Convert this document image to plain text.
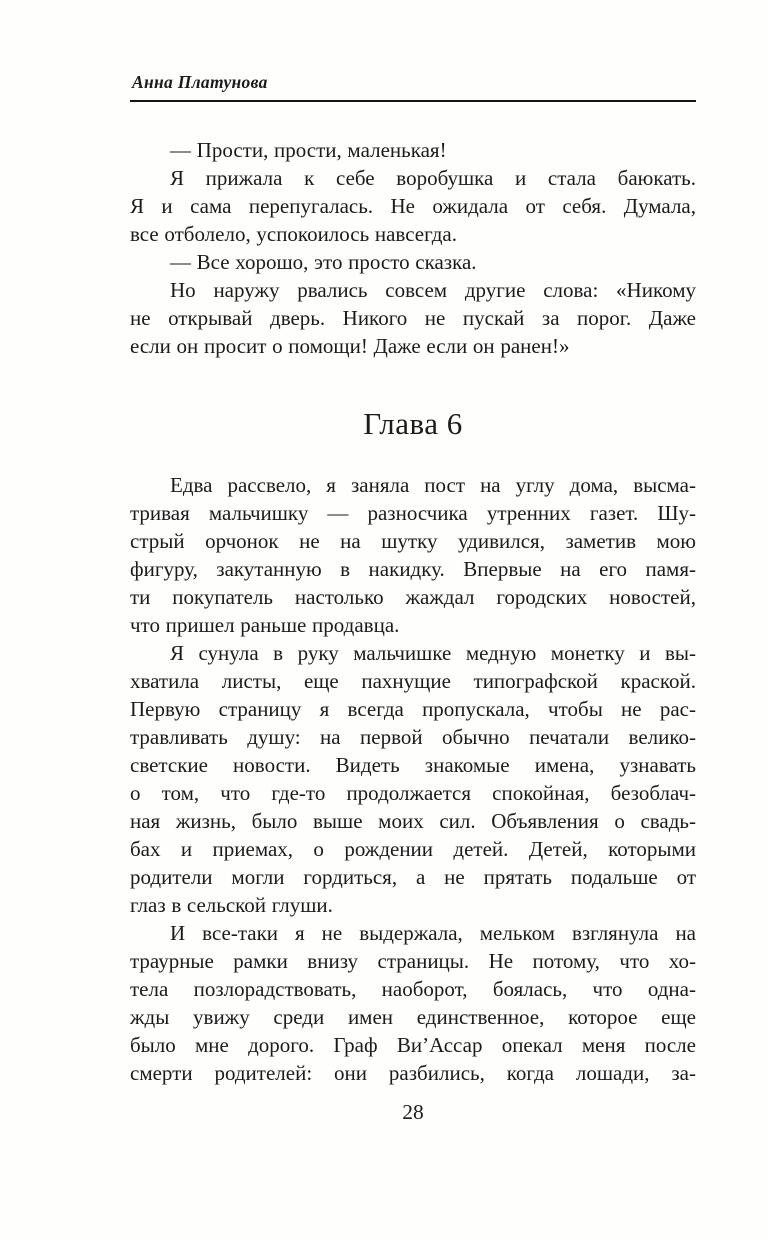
Анна Платунова
— Прости, прости, маленькая!
Я прижала к себе воробушка и стала баюкать.
Я и сама перепугалась. Не ожидала от себя. Думала,
все отболело, успокоилось навсегда.
— Все хорошо, это просто сказка.
Но наружу рвались совсем другие слова: «Никому
не открывай дверь. Никого не пускай за порог. Даже
если он просит о помощи! Даже если он ранен!»
Глава 6
Едва рассвело, я заняла пост на углу дома, высма-
тривая мальчишку — разносчика утренних газет. Шу-
стрый орчонок не на шутку удивился, заметив мою
фигуру, закутанную в накидку. Впервые на его памя-
ти покупатель настолько жаждал городских новостей,
что пришел раньше продавца.
Я сунула в руку мальчишке медную монетку и вы-
хватила листы, еще пахнущие типографской краской.
Первую страницу я всегда пропускала, чтобы не рас-
травливать душу: на первой обычно печатали велико-
светские новости. Видеть знакомые имена, узнавать
о том, что где-то продолжается спокойная, безоблач-
ная жизнь, было выше моих сил. Объявления о свадь-
бах и приемах, о рождении детей. Детей, которыми
родители могли гордиться, а не прятать подальше от
глаз в сельской глуши.
И все-таки я не выдержала, мельком взглянула на
траурные рамки внизу страницы. Не потому, что хо-
тела позлорадствовать, наоборот, боялась, что одна-
жды увижу среди имен единственное, которое еще
было мне дорого. Граф Ви’Ассар опекал меня после
смерти родителей: они разбились, когда лошади, за-
28
